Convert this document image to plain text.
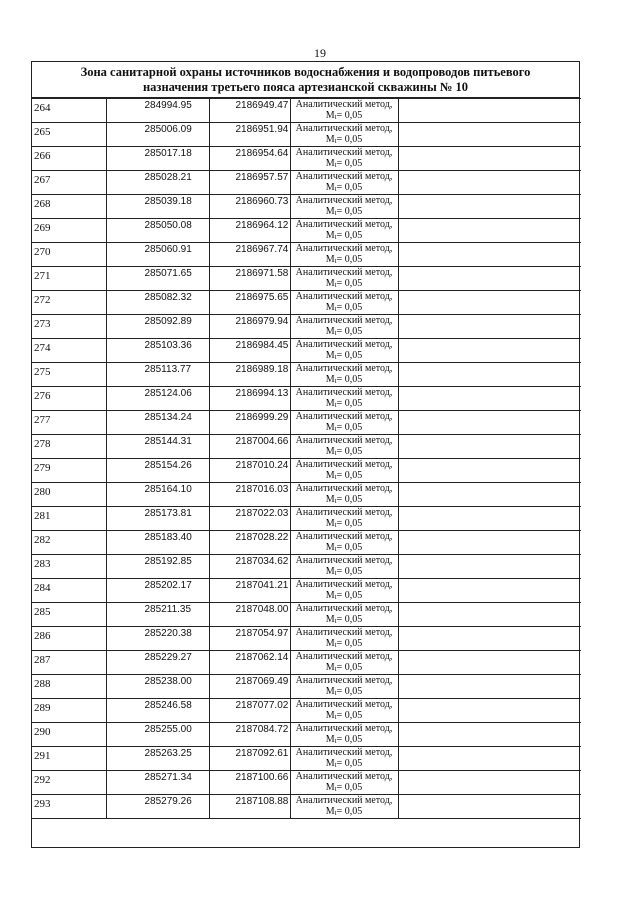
19
Зона санитарной охраны источников водоснабжения и водопроводов питьевого
назначения третьего пояса артезианской скважины № 10
264	284994.95	2186949.47	Аналитический метод,
Mt= 0,05	

265	285006.09	2186951.94	Аналитический метод,
Mt= 0,05	

266	285017.18	2186954.64	Аналитический метод,
Mt= 0,05	

267	285028.21	2186957.57	Аналитический метод,
Mt= 0,05	

268	285039.18	2186960.73	Аналитический метод,
Mt= 0,05	

269	285050.08	2186964.12	Аналитический метод,
Mt= 0,05	

270	285060.91	2186967.74	Аналитический метод,
Mt= 0,05	

271	285071.65	2186971.58	Аналитический метод,
Mt= 0,05	

272	285082.32	2186975.65	Аналитический метод,
Mt= 0,05	

273	285092.89	2186979.94	Аналитический метод,
Mt= 0,05	

274	285103.36	2186984.45	Аналитический метод,
Mt= 0,05	

275	285113.77	2186989.18	Аналитический метод,
Mt= 0,05	

276	285124.06	2186994.13	Аналитический метод,
Mt= 0,05	

277	285134.24	2186999.29	Аналитический метод,
Mt= 0,05	

278	285144.31	2187004.66	Аналитический метод,
Mt= 0,05	

279	285154.26	2187010.24	Аналитический метод,
Mt= 0,05	

280	285164.10	2187016.03	Аналитический метод,
Mt= 0,05	

281	285173.81	2187022.03	Аналитический метод,
Mt= 0,05	

282	285183.40	2187028.22	Аналитический метод,
Mt= 0,05	

283	285192.85	2187034.62	Аналитический метод,
Mt= 0,05	

284	285202.17	2187041.21	Аналитический метод,
Mt= 0,05	

285	285211.35	2187048.00	Аналитический метод,
Mt= 0,05	

286	285220.38	2187054.97	Аналитический метод,
Mt= 0,05	

287	285229.27	2187062.14	Аналитический метод,
Mt= 0,05	

288	285238.00	2187069.49	Аналитический метод,
Mt= 0,05	

289	285246.58	2187077.02	Аналитический метод,
Mt= 0,05	

290	285255.00	2187084.72	Аналитический метод,
Mt= 0,05	

291	285263.25	2187092.61	Аналитический метод,
Mt= 0,05	

292	285271.34	2187100.66	Аналитический метод,
Mt= 0,05	

293	285279.26	2187108.88	Аналитический метод,
Mt= 0,05	
